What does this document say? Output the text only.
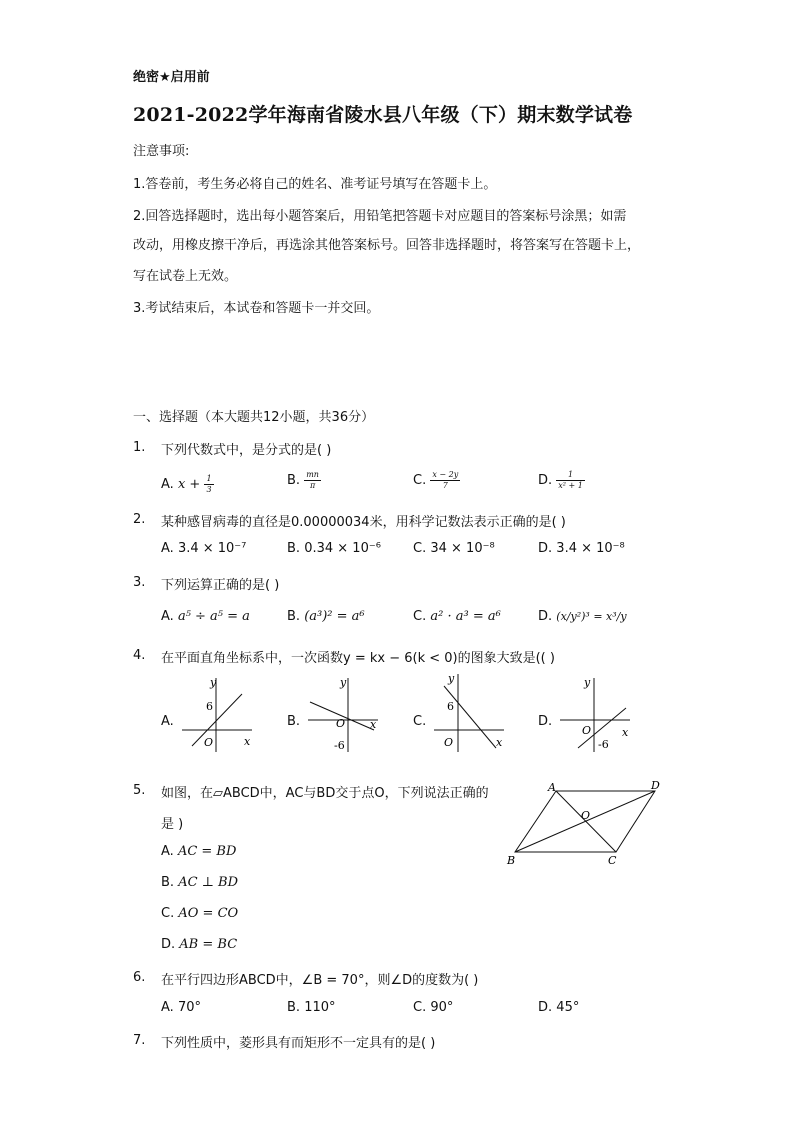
绝密★启用前
2021-2022学年海南省陵水县八年级（下）期末数学试卷
注意事项:
1.答卷前，考生务必将自己的姓名、准考证号填写在答题卡上。
2.回答选择题时，选出每小题答案后，用铅笔把答题卡对应题目的答案标号涂黑；如需
改动，用橡皮擦干净后，再选涂其他答案标号。回答非选择题时，将答案写在答题卡上，
写在试卷上无效。
3.考试结束后，本试卷和答题卡一并交回。
一、选择题（本大题共12小题，共36分）
1. 下列代数式中，是分式的是( )
A. $x + \frac{1}{3}$	B. $\frac{mn}{\pi}$	C. $\frac{x - 2y}{7}$	D. $\frac{1}{\text{x² + 1}}$
2. 某种感冒病毒的直径是0.00000034米，用科学记数法表示正确的是( )
A. 3.4 × 10⁻⁷	B. 0.34 × 10⁻⁶ C. 34 × 10⁻⁸	D. 3.4 × 10⁻⁸
3. 下列运算正确的是( )
A. a⁵ ÷ a⁵ = a	B. (a³)² = a⁶	C. a² · a³ = a⁶	D. (x/y²)³ = x³/y
4. 在平面直角坐标系中，一次函数y = kx − 6(k < 0)的图象大致是(( )
A.
y
x
O
6
B.
y
x
O
-6
C.
y
x
O
6
D.
y
x
O
-6
5. 如图，在▱ABCD中，AC与BD交于点O，下列说法正确的
是 )
A. AC = BD
B. AC ⊥ BD
C. AO = CO
D. AB = BC
A	D
B	C
O
6. 在平行四边形ABCD中，∠B = 70°，则∠D的度数为( )
A. 70°	B. 110°	C. 90°	D. 45°
7. 下列性质中，菱形具有而矩形不一定具有的是( )
